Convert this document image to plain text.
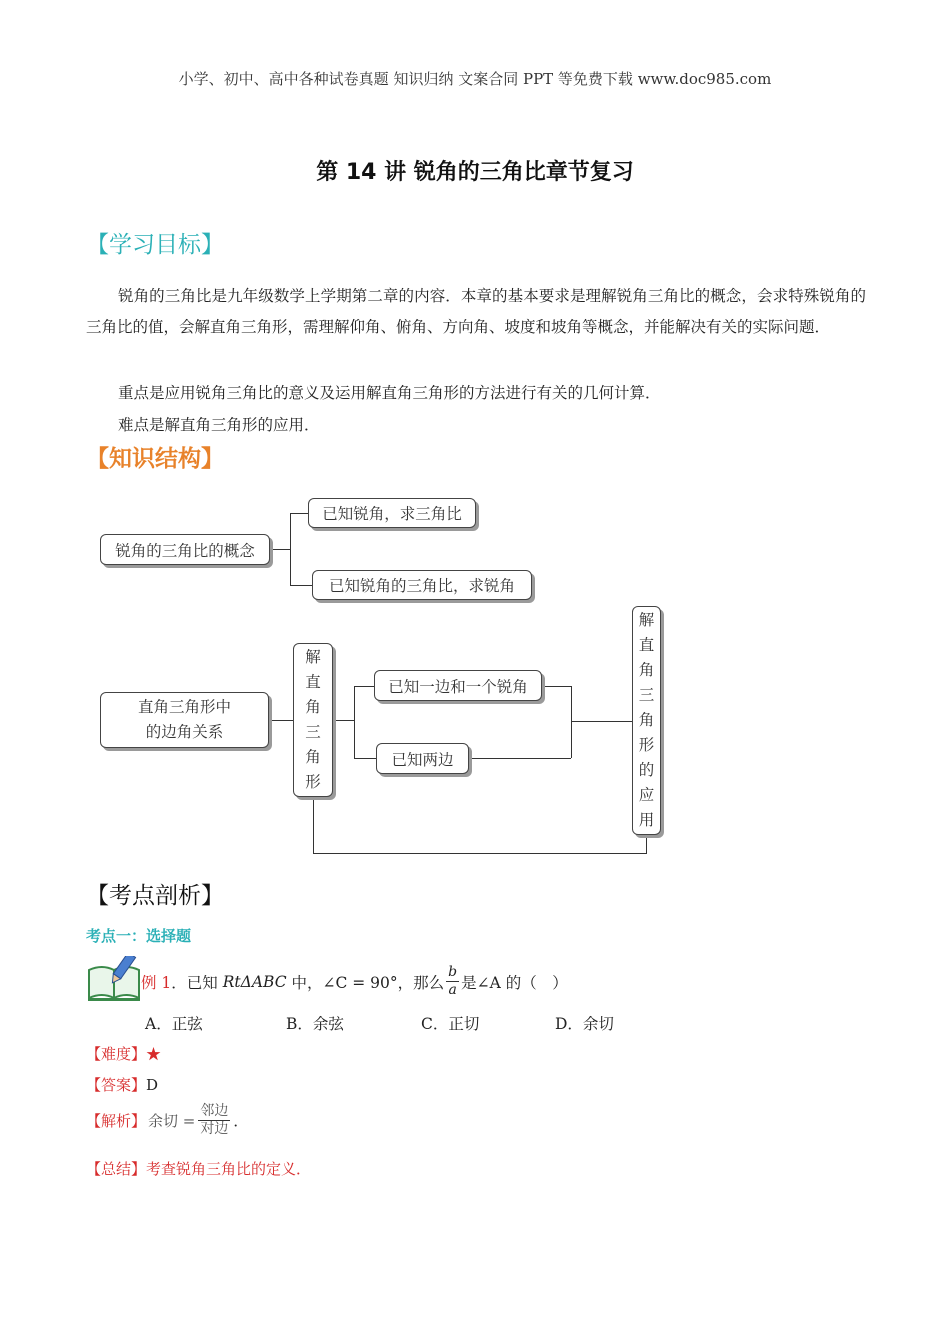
小学、初中、高中各种试卷真题 知识归纳 文案合同 PPT 等免费下载 www.doc985.com
第 14 讲 锐角的三角比章节复习
【学习目标】
锐角的三角比是九年级数学上学期第二章的内容．本章的基本要求是理解锐角三角比的概念，会求特殊锐角的三角比的值，会解直角三角形，需理解仰角、俯角、方向角、坡度和坡角等概念，并能解决有关的实际问题．
重点是应用锐角三角比的意义及运用解直角三角形的方法进行有关的几何计算．
难点是解直角三角形的应用．
【知识结构】
锐角的三角比的概念
已知锐角，求三角比
已知锐角的三角比，求锐角
直角三角形中
的边角关系
解
直
角
三
角
形
已知一边和一个锐角
已知两边
解
直
角
三
角
形
的
应
用
【考点剖析】
考点一：选择题
例 1 ．已知 RtΔABC 中，∠C = 90°，那么 $\frac{b}{a}$ 是∠A 的（　）
A．正弦	B．余弦	C．正切	D．余切
【难度】★
【答案】D
【解析】 余切 = $\frac{\text{邻边}}{\text{对边}}$ ．
【总结】考查锐角三角比的定义．
